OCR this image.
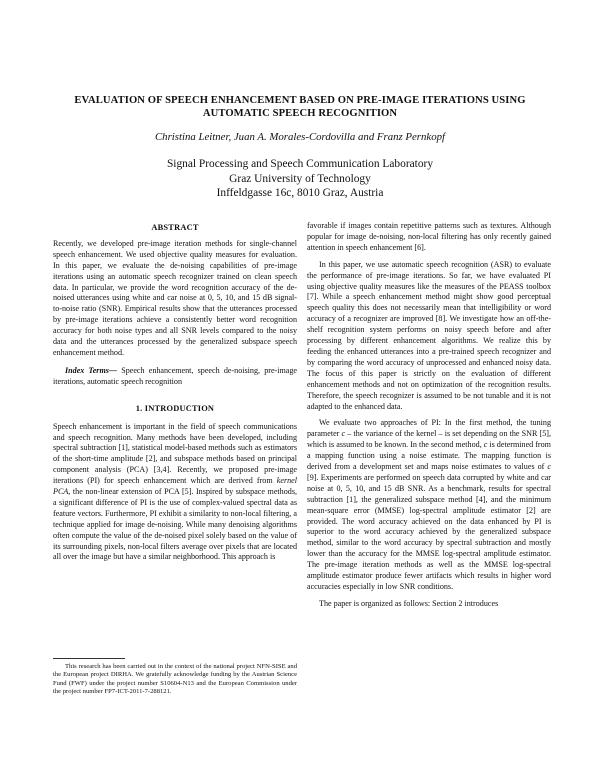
EVALUATION OF SPEECH ENHANCEMENT BASED ON PRE-IMAGE ITERATIONS USING AUTOMATIC SPEECH RECOGNITION
Christina Leitner, Juan A. Morales-Cordovilla and Franz Pernkopf
Signal Processing and Speech Communication Laboratory
Graz University of Technology
Inffeldgasse 16c, 8010 Graz, Austria
ABSTRACT

Recently, we developed pre-image iteration methods for single-channel speech enhancement. We used objective quality measures for evaluation. In this paper, we evaluate the de-noising capabilities of pre-image iterations using an automatic speech recognizer trained on clean speech data. In particular, we provide the word recognition accuracy of the de-noised utterances using white and car noise at 0, 5, 10, and 15 dB signal-to-noise ratio (SNR). Empirical results show that the utterances processed by pre-image iterations achieve a consistently better word recognition accuracy for both noise types and all SNR levels compared to the noisy data and the utterances processed by the generalized subspace speech enhancement method.

Index Terms— Speech enhancement, speech de-noising, pre-image iterations, automatic speech recognition

1. INTRODUCTION

Speech enhancement is important in the field of speech communications and speech recognition. Many methods have been developed, including spectral subtraction [1], statistical model-based methods such as estimators of the short-time amplitude [2], and subspace methods based on principal component analysis (PCA) [3,4]. Recently, we proposed pre-image iterations (PI) for speech enhancement which are derived from kernel PCA, the non-linear extension of PCA [5]. Inspired by subspace methods, a significant difference of PI is the use of complex-valued spectral data as feature vectors. Furthermore, PI exhibit a similarity to non-local filtering, a technique applied for image de-noising. While many denoising algorithms often compute the value of the de-noised pixel solely based on the value of its surrounding pixels, non-local filters average over pixels that are located all over the image but have a similar neighborhood. This approach is

favorable if images contain repetitive patterns such as textures. Although popular for image de-noising, non-local filtering has only recently gained attention in speech enhancement [6].

In this paper, we use automatic speech recognition (ASR) to evaluate the performance of pre-image iterations. So far, we have evaluated PI using objective quality measures like the measures of the PEASS toolbox [7]. While a speech enhancement method might show good perceptual speech quality this does not necessarily mean that intelligibility or word accuracy of a recognizer are improved [8]. We investigate how an off-the-shelf recognition system performs on noisy speech before and after processing by different enhancement algorithms. We realize this by feeding the enhanced utterances into a pre-trained speech recognizer and by comparing the word accuracy of unprocessed and enhanced noisy data. The focus of this paper is strictly on the evaluation of different enhancement methods and not on optimization of the recognition results. Therefore, the speech recognizer is assumed to be not tunable and it is not adapted to the enhanced data.

We evaluate two approaches of PI: In the first method, the tuning parameter c – the variance of the kernel – is set depending on the SNR [5], which is assumed to be known. In the second method, c is determined from a mapping function using a noise estimate. The mapping function is derived from a development set and maps noise estimates to values of c [9]. Experiments are performed on speech data corrupted by white and car noise at 0, 5, 10, and 15 dB SNR. As a benchmark, results for spectral subtraction [1], the generalized subspace method [4], and the minimum mean-square error (MMSE) log-spectral amplitude estimator [2] are provided. The word accuracy achieved on the data enhanced by PI is superior to the word accuracy achieved by the generalized subspace method, similar to the word accuracy by spectral subtraction and mostly lower than the accuracy for the MMSE log-spectral amplitude estimator. The pre-image iteration methods as well as the MMSE log-spectral amplitude estimator produce fewer artifacts which results in higher word accuracies especially in low SNR conditions.

The paper is organized as follows: Section 2 introduces

This research has been carried out in the context of the national project NFN-SISE and the European project DIRHA. We gratefully acknowledge funding by the Austrian Science Fund (FWF) under the project number S10604-N13 and the European Commission under the project number FP7-ICT-2011-7-288121.
